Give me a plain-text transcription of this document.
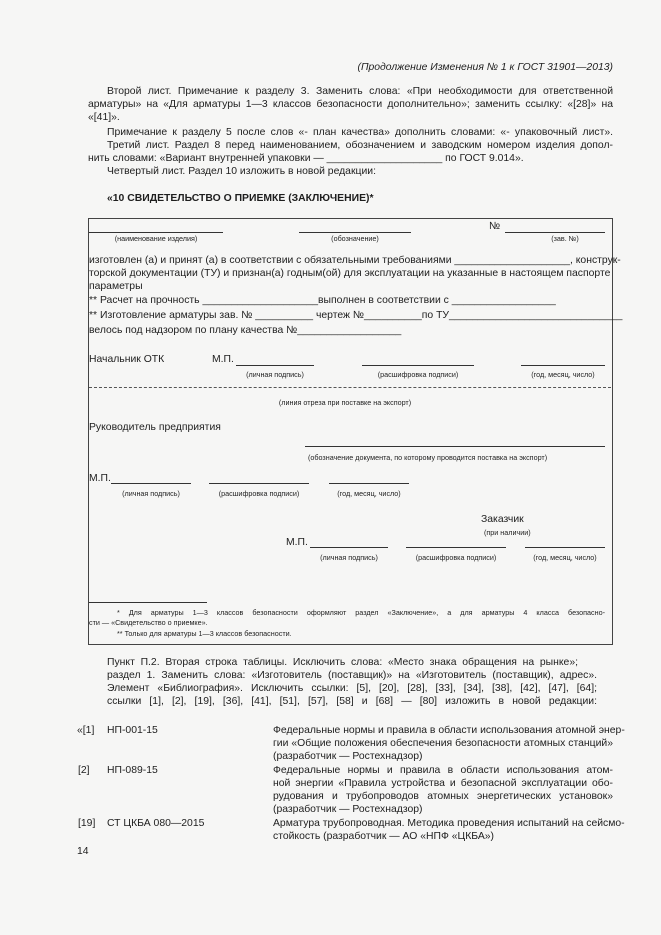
(Продолжение Изменения № 1 к ГОСТ 31901—2013)
Второй лист. Примечание к разделу 3. Заменить слова: «При необходимости для ответственной
арматуры» на «Для арматуры 1—3 классов безопасности дополнительно»; заменить ссылку: «[28]» на
«[41]».
Примечание к разделу 5 после слов «- план качества» дополнить словами: «- упаковочный лист».
Третий лист. Раздел 8 перед наименованием, обозначением и заводским номером изделия допол-
нить словами: «Вариант внутренней упаковки — ____________________ по ГОСТ 9.014».
Четвертый лист. Раздел 10 изложить в новой редакции:
«10 СВИДЕТЕЛЬСТВО О ПРИЕМКЕ (ЗАКЛЮЧЕНИЕ)*
(наименование изделия)	(обозначение)
№
(зав. №)
изготовлен (а) и принят (а) в соответствии с обязательными требованиями ____________________, конструк-
торской документации (ТУ) и признан(а) годным(ой) для эксплуатации на указанные в настоящем паспорте
параметры
** Расчет на прочность ____________________выполнен в соответствии с __________________
** Изготовление арматуры зав. № __________ чертеж №__________по ТУ______________________________
велось под надзором по плану качества №__________________
Начальник ОТК	М.П.
(личная подпись)	(расшифровка подписи)	(год, месяц, число)
(линия отреза при поставке на экспорт)
Руководитель предприятия
(обозначение документа, по которому проводится поставка на экспорт)
М.П.
(личная подпись)	(расшифровка подписи)	(год, месяц, число)
Заказчик
(при наличии)
М.П.
(личная подпись)	(расшифровка подписи)	(год, месяц, число)
* Для арматуры 1—3 классов безопасности оформляют раздел «Заключение», а для арматуры 4 класса безопасно-
сти — «Свидетельство о приемке».
** Только для арматуры 1—3 классов безопасности.
Пункт П.2. Вторая строка таблицы. Исключить слова: «Место знака обращения на рынке»;
раздел 1. Заменить слова: «Изготовитель (поставщик)» на «Изготовитель (поставщик), адрес».
Элемент «Библиография». Исключить ссылки: [5], [20], [28], [33], [34], [38], [42], [47], [64];
ссылки [1], [2], [19], [36], [41], [51], [57], [58] и [68] — [80] изложить в новой редакции:
«[1] НП-001-15	Федеральные нормы и правила в области использования атомной энер-
гии «Общие положения обеспечения безопасности атомных станций»
(разработчик — Ростехнадзор)
[2] НП-089-15	Федеральные нормы и правила в области использования атом-
ной энергии «Правила устройства и безопасной эксплуатации обо-
рудования и трубопроводов атомных энергетических установок»
(разработчик — Ростехнадзор)
[19] СТ ЦКБА 080—2015	Арматура трубопроводная. Методика проведения испытаний на сейсмо-
стойкость (разработчик — АО «НПФ «ЦКБА»)
14
